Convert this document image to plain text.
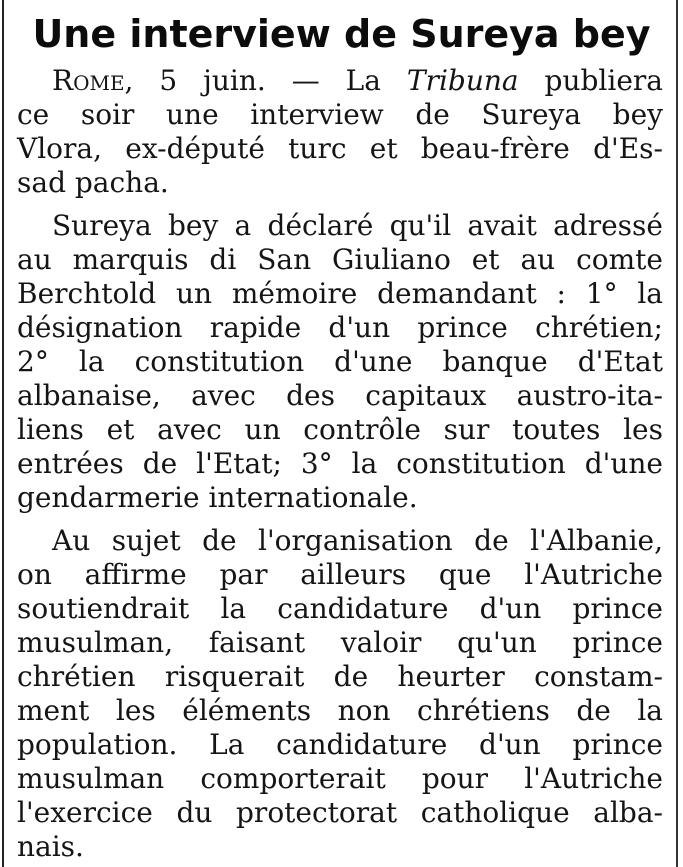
Une interview de Sureya bey
Rome, 5 juin. — La Tribuna publiera
ce soir une interview de Sureya bey
Vlora, ex-député turc et beau-frère d'Es-
sad pacha.
Sureya bey a déclaré qu'il avait adressé
au marquis di San Giuliano et au comte
Berchtold un mémoire demandant : 1° la
désignation rapide d'un prince chrétien;
2° la constitution d'une banque d'Etat
albanaise, avec des capitaux austro-ita-
liens et avec un contrôle sur toutes les
entrées de l'Etat; 3° la constitution d'une
gendarmerie internationale.
Au sujet de l'organisation de l'Albanie,
on affirme par ailleurs que l'Autriche
soutiendrait la candidature d'un prince
musulman, faisant valoir qu'un prince
chrétien risquerait de heurter constam-
ment les éléments non chrétiens de la
population. La candidature d'un prince
musulman comporterait pour l'Autriche
l'exercice du protectorat catholique alba-
nais.
